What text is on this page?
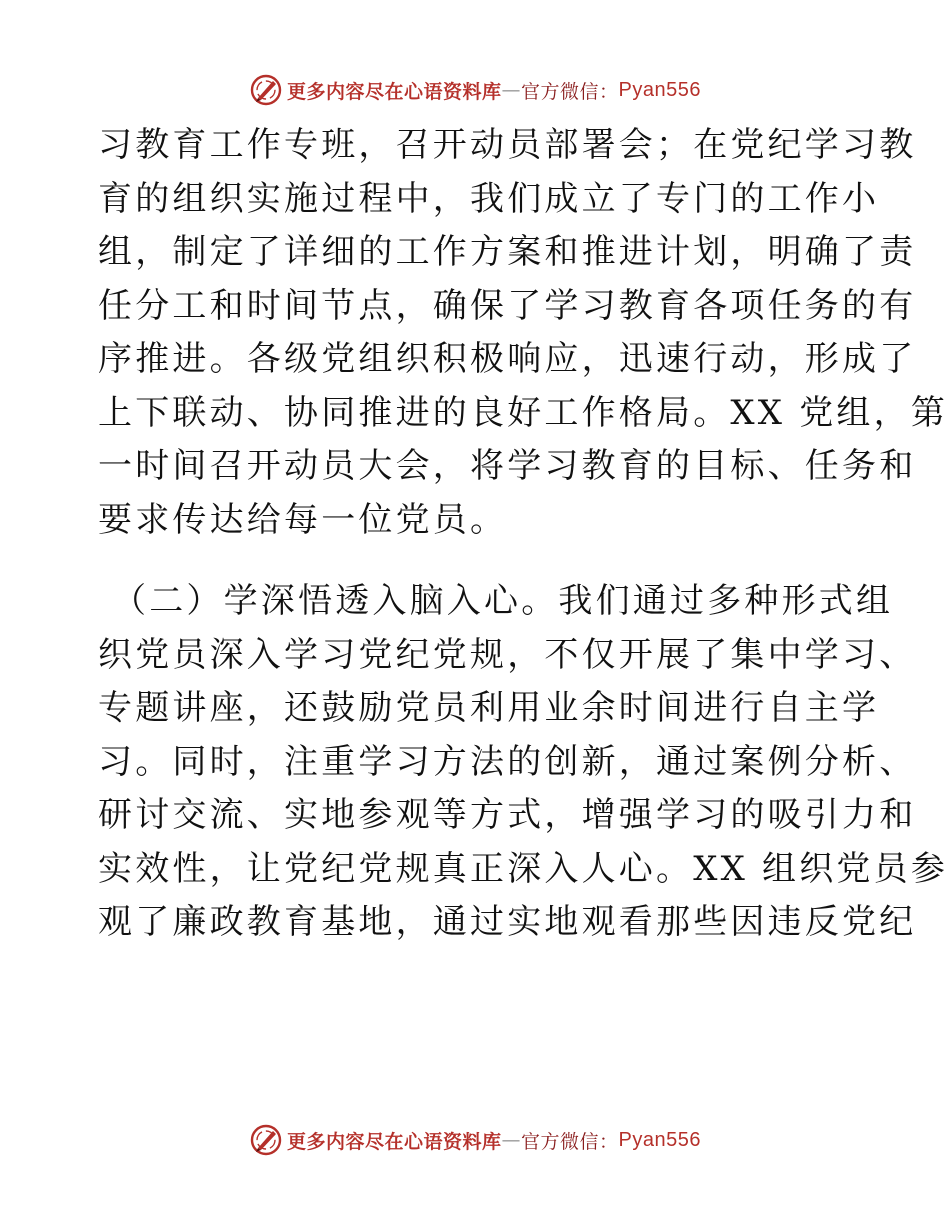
更多内容尽在心语资料库 — 官方微信： Pyan556
习教育工作专班，召开动员部署会；在党纪学习教
育的组织实施过程中，我们成立了专门的工作小
组，制定了详细的工作方案和推进计划，明确了责
任分工和时间节点，确保了学习教育各项任务的有
序推进。各级党组织积极响应，迅速行动，形成了
上下联动、协同推进的良好工作格局。XX 党组，第
一时间召开动员大会，将学习教育的目标、任务和
要求传达给每一位党员。
（二）学深悟透入脑入心。我们通过多种形式组
织党员深入学习党纪党规，不仅开展了集中学习、
专题讲座，还鼓励党员利用业余时间进行自主学
习。同时，注重学习方法的创新，通过案例分析、
研讨交流、实地参观等方式，增强学习的吸引力和
实效性，让党纪党规真正深入人心。XX 组织党员参
观了廉政教育基地，通过实地观看那些因违反党纪
更多内容尽在心语资料库 — 官方微信： Pyan556
